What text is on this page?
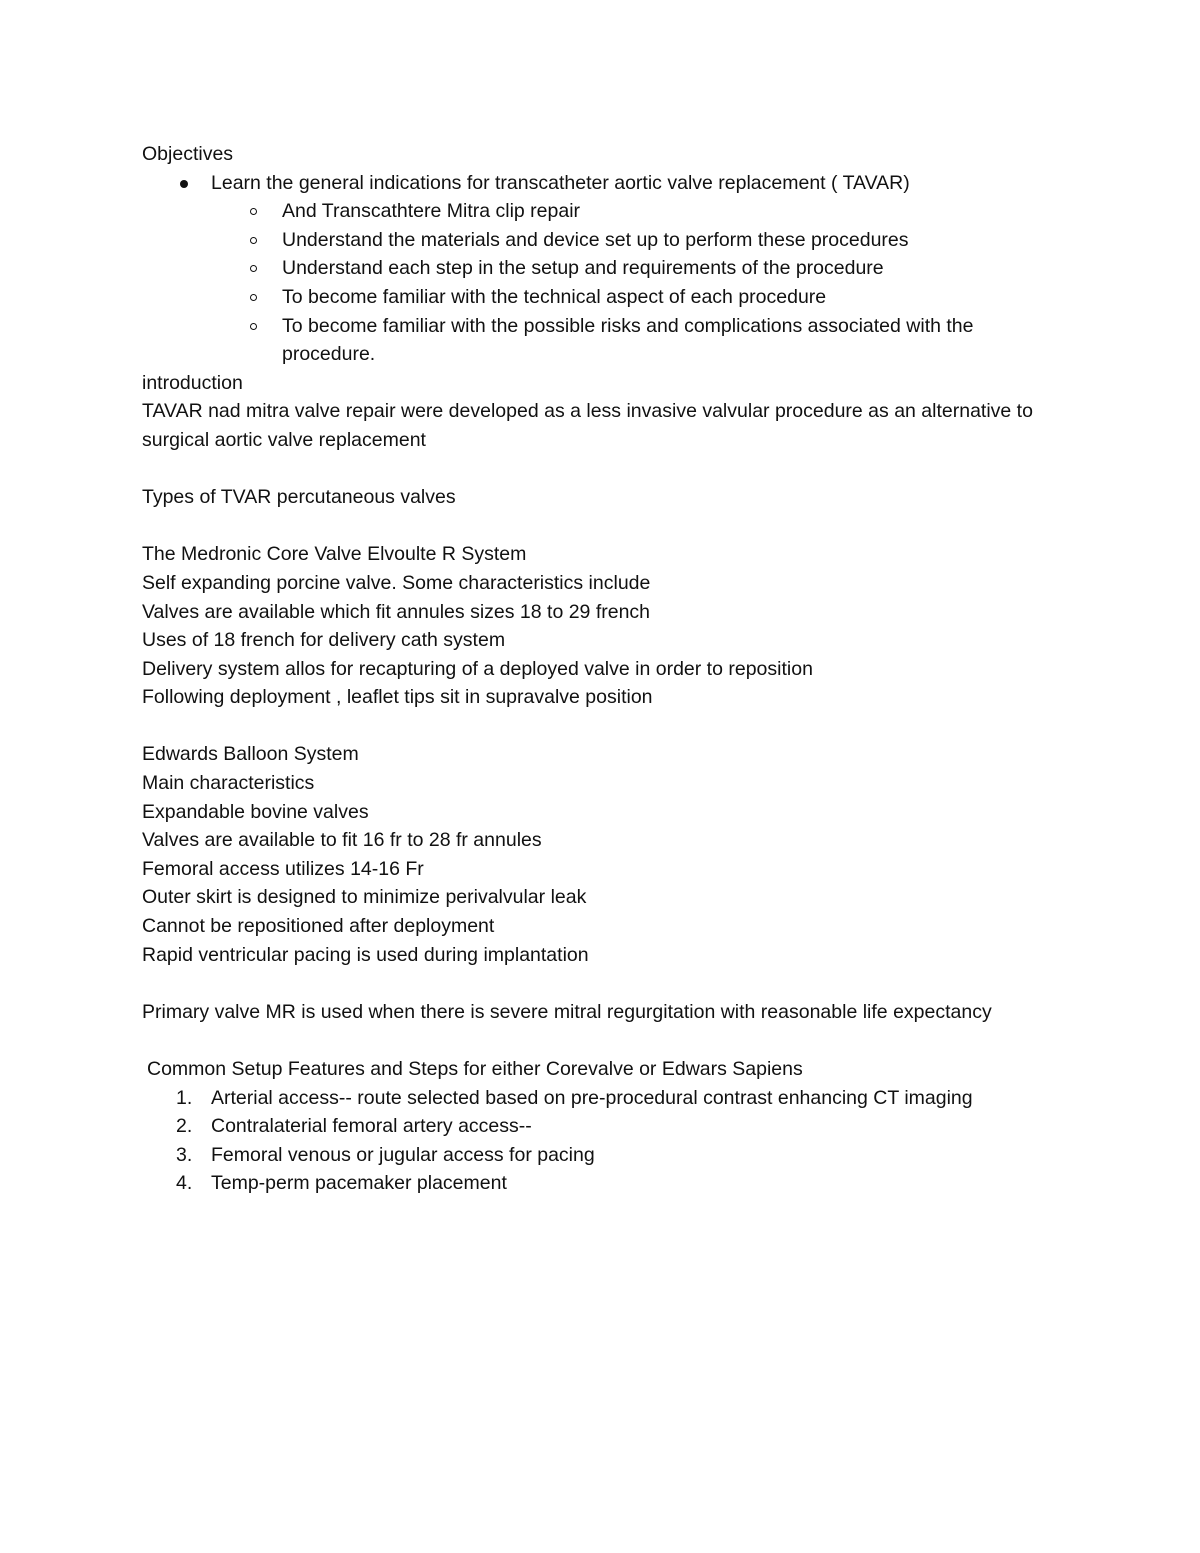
Objectives
Learn the general indications for transcatheter aortic valve replacement ( TAVAR)
And Transcathtere Mitra clip repair
Understand the materials and device set up to perform these procedures
Understand each step in the setup and requirements of the procedure
To become familiar with the technical aspect of each procedure
To become familiar with the possible risks and complications associated with the procedure.
introduction
TAVAR nad mitra valve repair were developed as a less invasive valvular procedure as an alternative to surgical aortic valve replacement
Types of TVAR percutaneous valves
The Medronic Core Valve Elvoulte R System
Self expanding porcine valve. Some characteristics include
Valves are available which fit annules sizes 18 to 29 french
Uses of 18 french for delivery cath system
Delivery system allos for recapturing of a deployed valve in order to reposition
Following deployment , leaflet tips sit in supravalve position
Edwards Balloon System
Main characteristics
Expandable bovine valves
Valves are available to fit 16 fr to 28 fr annules
Femoral access utilizes 14-16 Fr
Outer skirt is designed to minimize perivalvular leak
Cannot be repositioned after deployment
Rapid ventricular pacing is used during implantation
Primary valve MR is used when there is severe mitral regurgitation with reasonable life expectancy
Common Setup Features and Steps for either Corevalve or Edwars Sapiens
1. Arterial access-- route selected based on pre-procedural contrast enhancing CT imaging
2. Contralaterial femoral artery access--
3. Femoral venous or jugular access for pacing
4. Temp-perm pacemaker placement
